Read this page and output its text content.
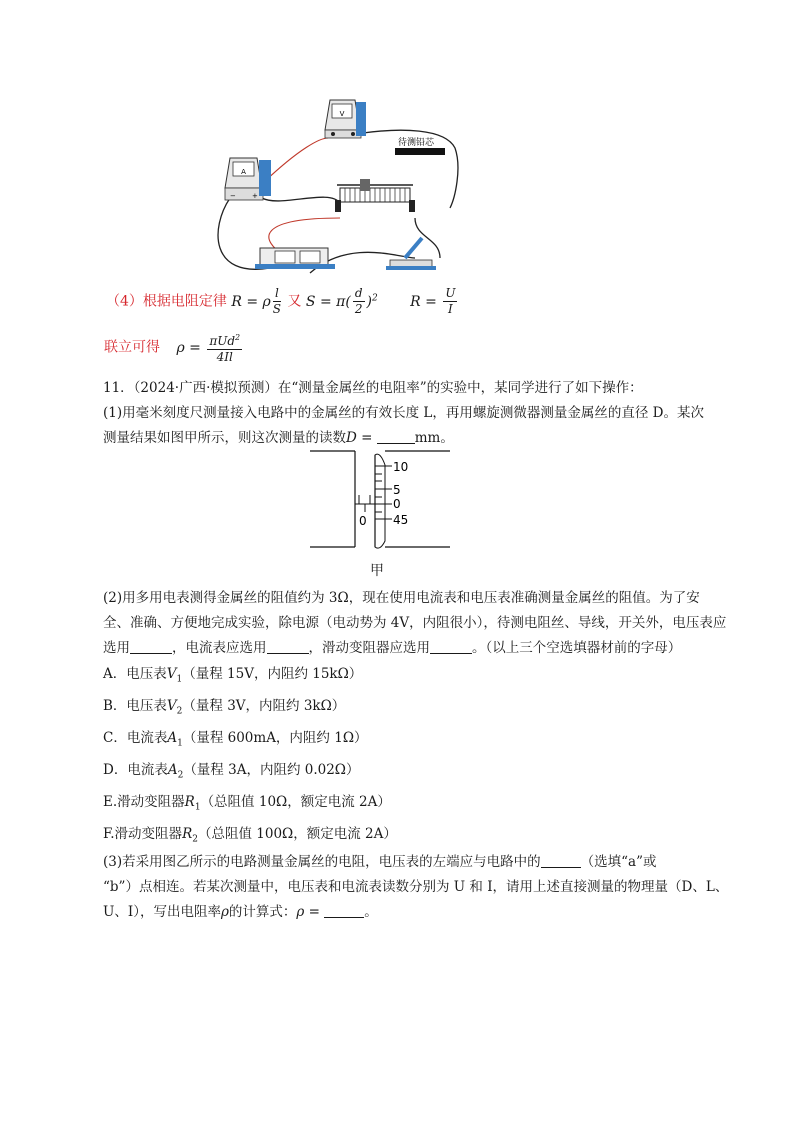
V
A
− +
待测铅芯
（4）根据电阻定律 R = ρ $\frac{l}{S}$ 又 $S = \pi( \frac{d}{2} )^2$ $R = \frac{U}{I}$
联立可得 $\rho = \frac{\pi Ud^2}{4Il}$
11．（2024·广西·模拟预测）在“测量金属丝的电阻率”的实验中，某同学进行了如下操作：
(1)用毫米刻度尺测量接入电路中的金属丝的有效长度 L，再用螺旋测微器测量金属丝的直径 D。某次
测量结果如图甲所示，则这次测量的读数D =	mm。
0
10
5
0
45
甲
(2)用多用电表测得金属丝的阻值约为 3Ω，现在使用电流表和电压表准确测量金属丝的阻值。为了安
全、准确、方便地完成实验，除电源（电动势为 4V，内阻很小），待测电阻丝、导线，开关外，电压表应
选用	，电流表应选用	，滑动变阻器应选用	。（以上三个空选填器材前的字母）
A．电压表$V_1$（量程 15V，内阻约 15kΩ）
B．电压表$V_2$（量程 3V，内阻约 3kΩ）
C．电流表$A_1$（量程 600mA，内阻约 1Ω）
D．电流表$A_2$（量程 3A，内阻约 0.02Ω）
E.滑动变阻器$R_1$（总阻值 10Ω，额定电流 2A）
F.滑动变阻器$R_2$（总阻值 100Ω，额定电流 2A）
(3)若采用图乙所示的电路测量金属丝的电阻，电压表的左端应与电路中的	（选填“a”或
“b”）点相连。若某次测量中，电压表和电流表读数分别为 U 和 I，请用上述直接测量的物理量（D、L、
U、I），写出电阻率ρ的计算式：ρ =	。
